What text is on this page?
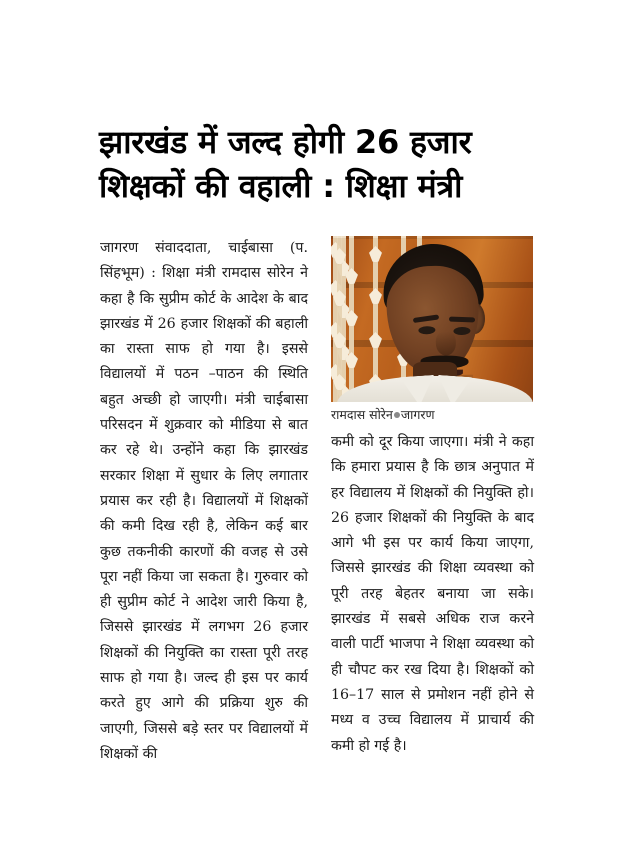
झारखंड में जल्द होगी 26 हजार
शिक्षकों की वहाली : शिक्षा मंत्री
रामदास सोरेन जागरण

जागरण संवाददाता, चाईबासा (प. सिंहभूम) : शिक्षा मंत्री रामदास सोरेन ने कहा है कि सुप्रीम कोर्ट के आदेश के बाद झारखंड में 26 हजार शिक्षकों की बहाली का रास्ता साफ हो गया है। इससे विद्यालयों में पठन –पाठन की स्थिति बहुत अच्छी हो जाएगी। मंत्री चाईबासा परिसदन में शुक्रवार को मीडिया से बात कर रहे थे। उन्होंने कहा कि झारखंड सरकार शिक्षा में सुधार के लिए लगातार प्रयास कर रही है। विद्यालयों में शिक्षकों की कमी दिख रही है, लेकिन कई बार कुछ तकनीकी कारणों की वजह से उसे पूरा नहीं किया जा सकता है। गुरुवार को ही सुप्रीम कोर्ट ने आदेश जारी किया है, जिससे झारखंड में लगभग 26 हजार शिक्षकों की नियुक्ति का रास्ता पूरी तरह साफ हो गया है। जल्द ही इस पर कार्य करते हुए आगे की प्रक्रिया शुरु की जाएगी, जिससे बड़े स्तर पर विद्यालयों में शिक्षकों की

कमी को दूर किया जाएगा। मंत्री ने कहा कि हमारा प्रयास है कि छात्र अनुपात में हर विद्यालय में शिक्षकों की नियुक्ति हो। 26 हजार शिक्षकों की नियुक्ति के बाद आगे भी इस पर कार्य किया जाएगा, जिससे झारखंड की शिक्षा व्यवस्था को पूरी तरह बेहतर बनाया जा सके। झारखंड में सबसे अधिक राज करने वाली पार्टी भाजपा ने शिक्षा व्यवस्था को ही चौपट कर रख दिया है। शिक्षकों को 16–17 साल से प्रमोशन नहीं होने से मध्य व उच्च विद्यालय में प्राचार्य की कमी हो गई है।
